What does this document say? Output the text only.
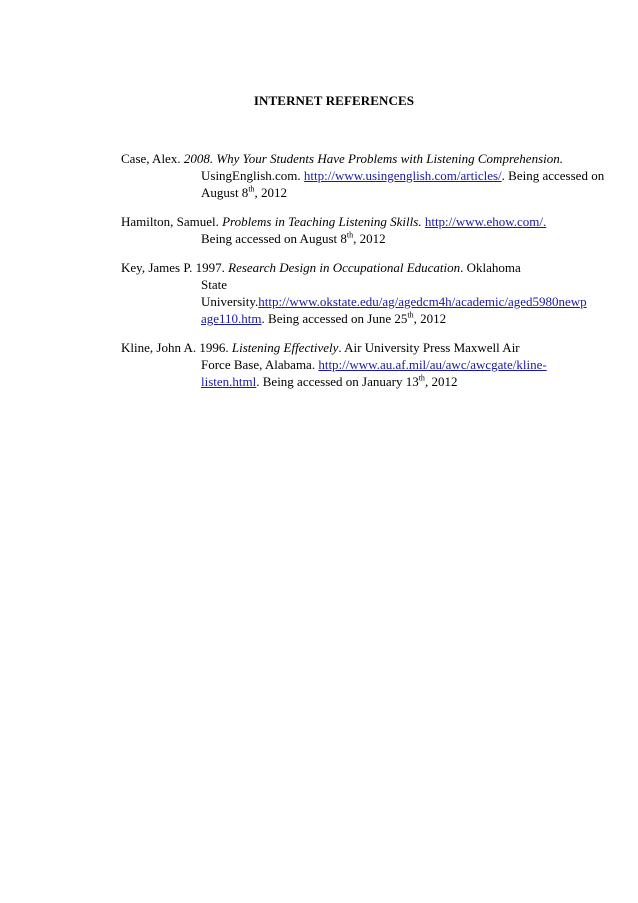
INTERNET REFERENCES
Case, Alex. 2008. Why Your Students Have Problems with Listening Comprehension.
UsingEnglish.com. http://www.usingenglish.com/articles/. Being accessed on
August 8th, 2012
Hamilton, Samuel. Problems in Teaching Listening Skills. http://www.ehow.com/.
Being accessed on August 8th, 2012
Key, James P. 1997. Research Design in Occupational Education. Oklahoma
State
University.http://www.okstate.edu/ag/agedcm4h/academic/aged5980newp
age110.htm. Being accessed on June 25th, 2012
Kline, John A. 1996. Listening Effectively. Air University Press Maxwell Air
Force Base, Alabama. http://www.au.af.mil/au/awc/awcgate/kline-
listen.html. Being accessed on January 13th, 2012
